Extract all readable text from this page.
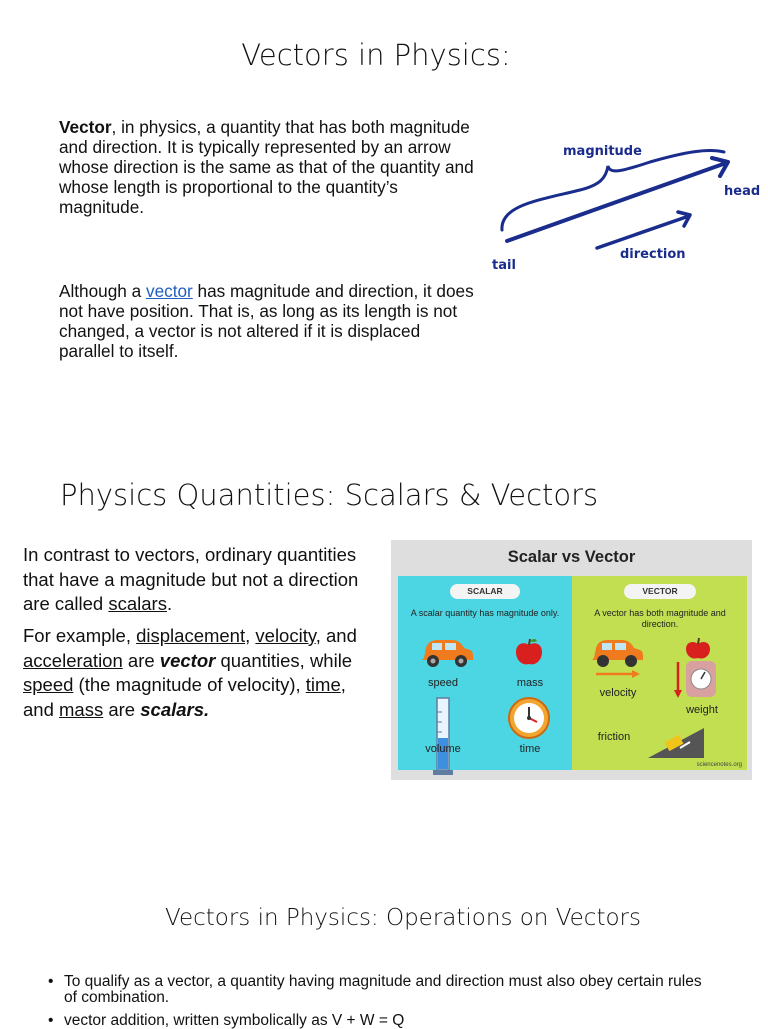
Vectors in Physics:
Vector, in physics, a quantity that has both magnitude and direction. It is typically represented by an arrow whose direction is the same as that of the quantity and whose length is proportional to the quantity’s magnitude.
Although a vector has magnitude and direction, it does not have position. That is, as long as its length is not changed, a vector is not altered if it is displaced parallel to itself.
magnitude
head
direction
tail
Physics Quantities: Scalars & Vectors
In contrast to vectors, ordinary quantities that have a magnitude but not a direction are called scalars.
For example, displacement, velocity, and acceleration are vector quantities, while speed (the magnitude of velocity), time, and mass are scalars.
Scalar vs Vector
SCALAR
A scalar quantity has magnitude only.
speed	mass
volume	time
VECTOR
A vector has both magnitude and direction.
velocity
weight
friction
sciencenotes.org
Vectors in Physics: Operations on Vectors
• To qualify as a vector, a quantity having magnitude and direction must also obey certain rules of combination.
• vector addition, written symbolically as V + W = Q
